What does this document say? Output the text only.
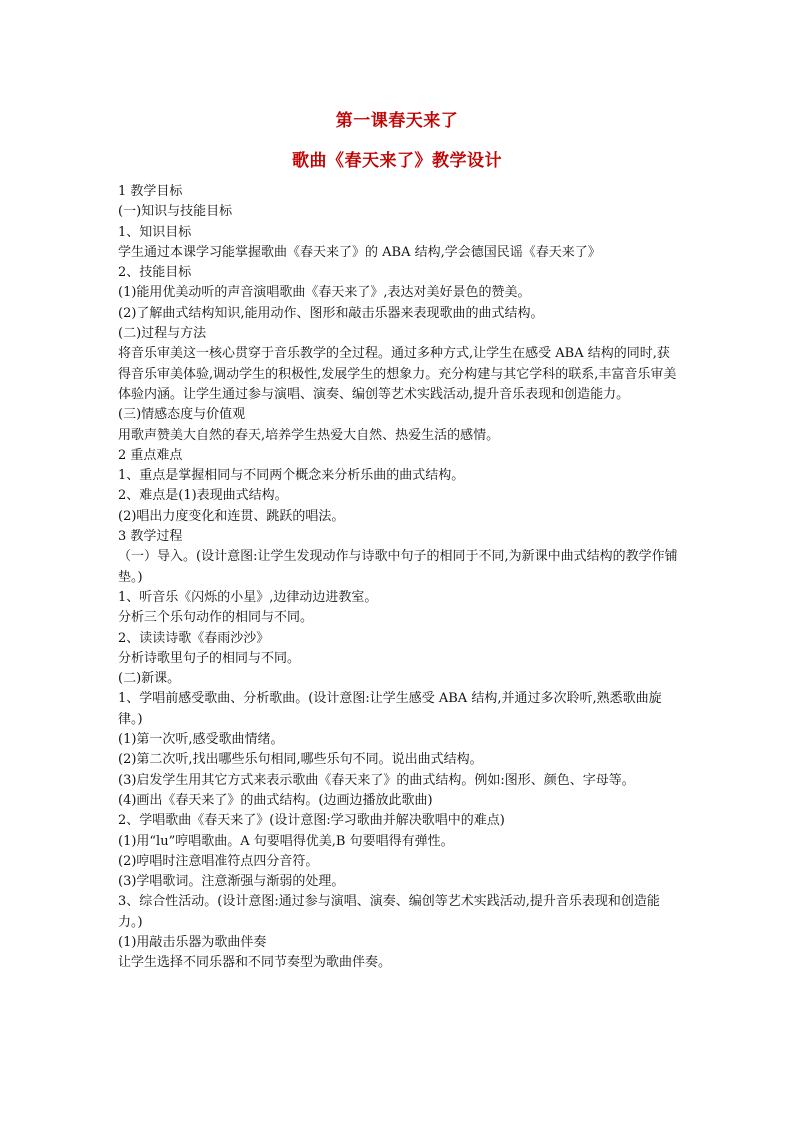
第一课春天来了
歌曲《春天来了》教学设计
1 教学目标
(一)知识与技能目标
1、知识目标
学生通过本课学习能掌握歌曲《春天来了》的 ABA 结构,学会德国民谣《春天来了》
2、技能目标
(1)能用优美动听的声音演唱歌曲《春天来了》,表达对美好景色的赞美。
(2)了解曲式结构知识,能用动作、图形和敲击乐器来表现歌曲的曲式结构。
(二)过程与方法
将音乐审美这一核心贯穿于音乐教学的全过程。通过多种方式,让学生在感受 ABA 结构的同时,获得音乐审美体验,调动学生的积极性,发展学生的想象力。充分构建与其它学科的联系,丰富音乐审美体验内涵。让学生通过参与演唱、演奏、编创等艺术实践活动,提升音乐表现和创造能力。
(三)情感态度与价值观
用歌声赞美大自然的春天,培养学生热爱大自然、热爱生活的感情。
2 重点难点
1、重点是掌握相同与不同两个概念来分析乐曲的曲式结构。
2、难点是(1)表现曲式结构。
(2)唱出力度变化和连贯、跳跃的唱法。
3 教学过程
（一）导入。(设计意图:让学生发现动作与诗歌中句子的相同于不同,为新课中曲式结构的教学作铺垫。)
1、听音乐《闪烁的小星》,边律动边进教室。
分析三个乐句动作的相同与不同。
2、读读诗歌《春雨沙沙》
分析诗歌里句子的相同与不同。
(二)新课。
1、学唱前感受歌曲、分析歌曲。(设计意图:让学生感受 ABA 结构,并通过多次聆听,熟悉歌曲旋律。)
(1)第一次听,感受歌曲情绪。
(2)第二次听,找出哪些乐句相同,哪些乐句不同。说出曲式结构。
(3)启发学生用其它方式来表示歌曲《春天来了》的曲式结构。例如:图形、颜色、字母等。
(4)画出《春天来了》的曲式结构。(边画边播放此歌曲)
2、学唱歌曲《春天来了》(设计意图:学习歌曲并解决歌唱中的难点)
(1)用“lu”哼唱歌曲。A 句要唱得优美,B 句要唱得有弹性。
(2)哼唱时注意唱准符点四分音符。
(3)学唱歌词。注意渐强与渐弱的处理。
3、综合性活动。(设计意图:通过参与演唱、演奏、编创等艺术实践活动,提升音乐表现和创造能力。)
(1)用敲击乐器为歌曲伴奏
让学生选择不同乐器和不同节奏型为歌曲伴奏。
